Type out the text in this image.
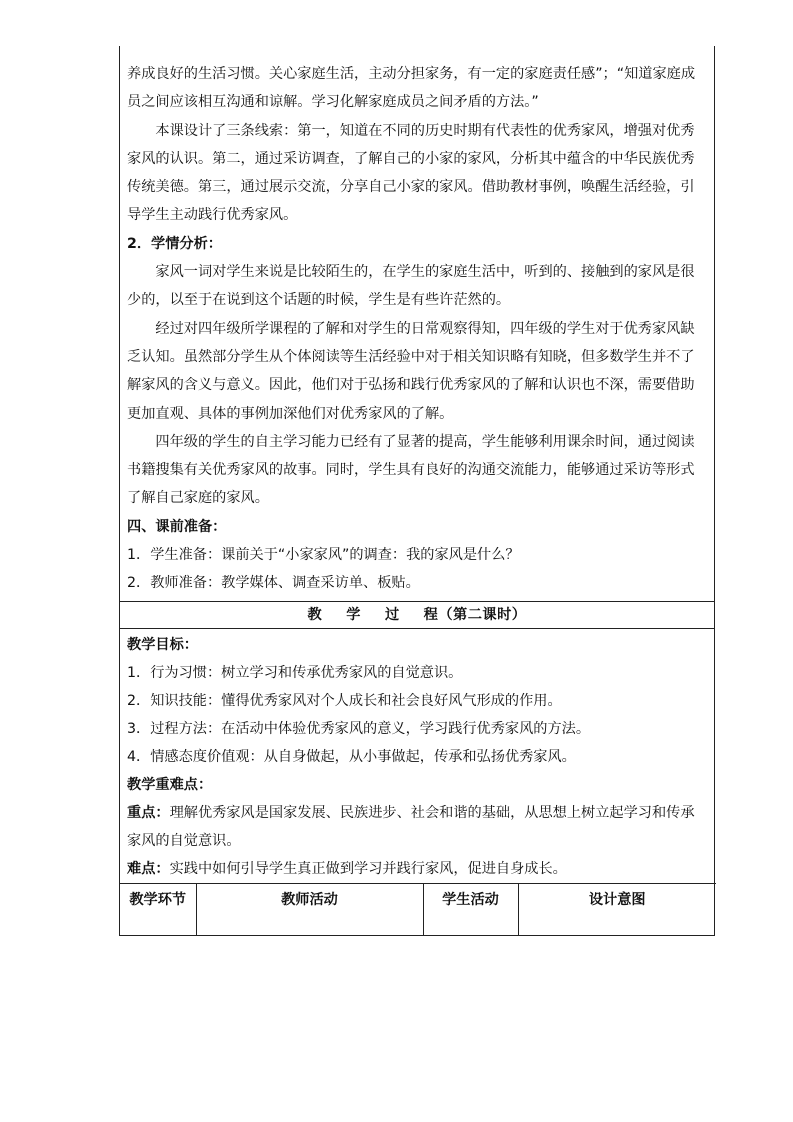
养成良好的生活习惯。关心家庭生活，主动分担家务，有一定的家庭责任感”；“知道家庭成员之间应该相互沟通和谅解。学习化解家庭成员之间矛盾的方法。”

本课设计了三条线索：第一，知道在不同的历史时期有代表性的优秀家风，增强对优秀家风的认识。第二，通过采访调查，了解自己的小家的家风，分析其中蕴含的中华民族优秀传统美德。第三，通过展示交流，分享自己小家的家风。借助教材事例，唤醒生活经验，引导学生主动践行优秀家风。

2．学情分析：

家风一词对学生来说是比较陌生的，在学生的家庭生活中，听到的、接触到的家风是很少的，以至于在说到这个话题的时候，学生是有些许茫然的。

经过对四年级所学课程的了解和对学生的日常观察得知，四年级的学生对于优秀家风缺乏认知。虽然部分学生从个体阅读等生活经验中对于相关知识略有知晓，但多数学生并不了解家风的含义与意义。因此，他们对于弘扬和践行优秀家风的了解和认识也不深，需要借助更加直观、具体的事例加深他们对优秀家风的了解。

四年级的学生的自主学习能力已经有了显著的提高，学生能够利用课余时间，通过阅读书籍搜集有关优秀家风的故事。同时，学生具有良好的沟通交流能力，能够通过采访等形式了解自己家庭的家风。

四、课前准备：

1．学生准备：课前关于“小家家风”的调查：我的家风是什么？

2．教师准备：教学媒体、调查采访单、板贴。

教 学 过 程（第二课时）

教学目标：

1．行为习惯：树立学习和传承优秀家风的自觉意识。

2．知识技能：懂得优秀家风对个人成长和社会良好风气形成的作用。

3．过程方法：在活动中体验优秀家风的意义，学习践行优秀家风的方法。

4．情感态度价值观：从自身做起，从小事做起，传承和弘扬优秀家风。

教学重难点：

重点：理解优秀家风是国家发展、民族进步、社会和谐的基础，从思想上树立起学习和传承家风的自觉意识。

难点：实践中如何引导学生真正做到学习并践行家风，促进自身成长。

教学环节	教师活动	学生活动	设计意图
